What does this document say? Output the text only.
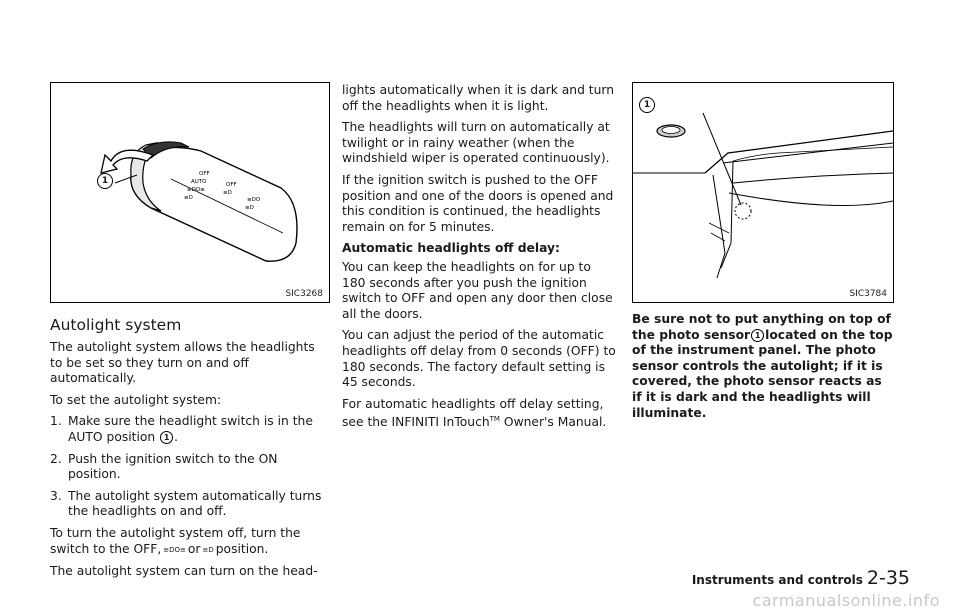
OFF
AUTO
≡DO≡
≡D
OFF
≡D
≡DO
≡D
1
SIC3268
1
SIC3784
Autolight system

The autolight system allows the headlights to be set so they turn on and off automatically.

To set the autolight system:

1. Make sure the headlight switch is in the AUTO position 1 .
2. Push the ignition switch to the ON position.
3. The autolight system automatically turns the headlights on and off.

To turn the autolight system off, turn the switch to the OFF, ≡DO≡ or ≡D position.

The autolight system can turn on the head-

lights automatically when it is dark and turn off the headlights when it is light.

The headlights will turn on automatically at twilight or in rainy weather (when the windshield wiper is operated continuously).

If the ignition switch is pushed to the OFF position and one of the doors is opened and this condition is continued, the headlights remain on for 5 minutes.

Automatic headlights off delay:

You can keep the headlights on for up to 180 seconds after you push the ignition switch to OFF and open any door then close all the doors.

You can adjust the period of the automatic headlights off delay from 0 seconds (OFF) to 180 seconds. The factory default setting is 45 seconds.

For automatic headlights off delay setting, see the INFINITI InTouch™ Owner's Manual.

Be sure not to put anything on top of the photo sensor 1 located on the top of the instrument panel. The photo sensor controls the autolight; if it is covered, the photo sensor reacts as if it is dark and the headlights will illuminate.

Instruments and controls 2-35
carmanualsonline.info
